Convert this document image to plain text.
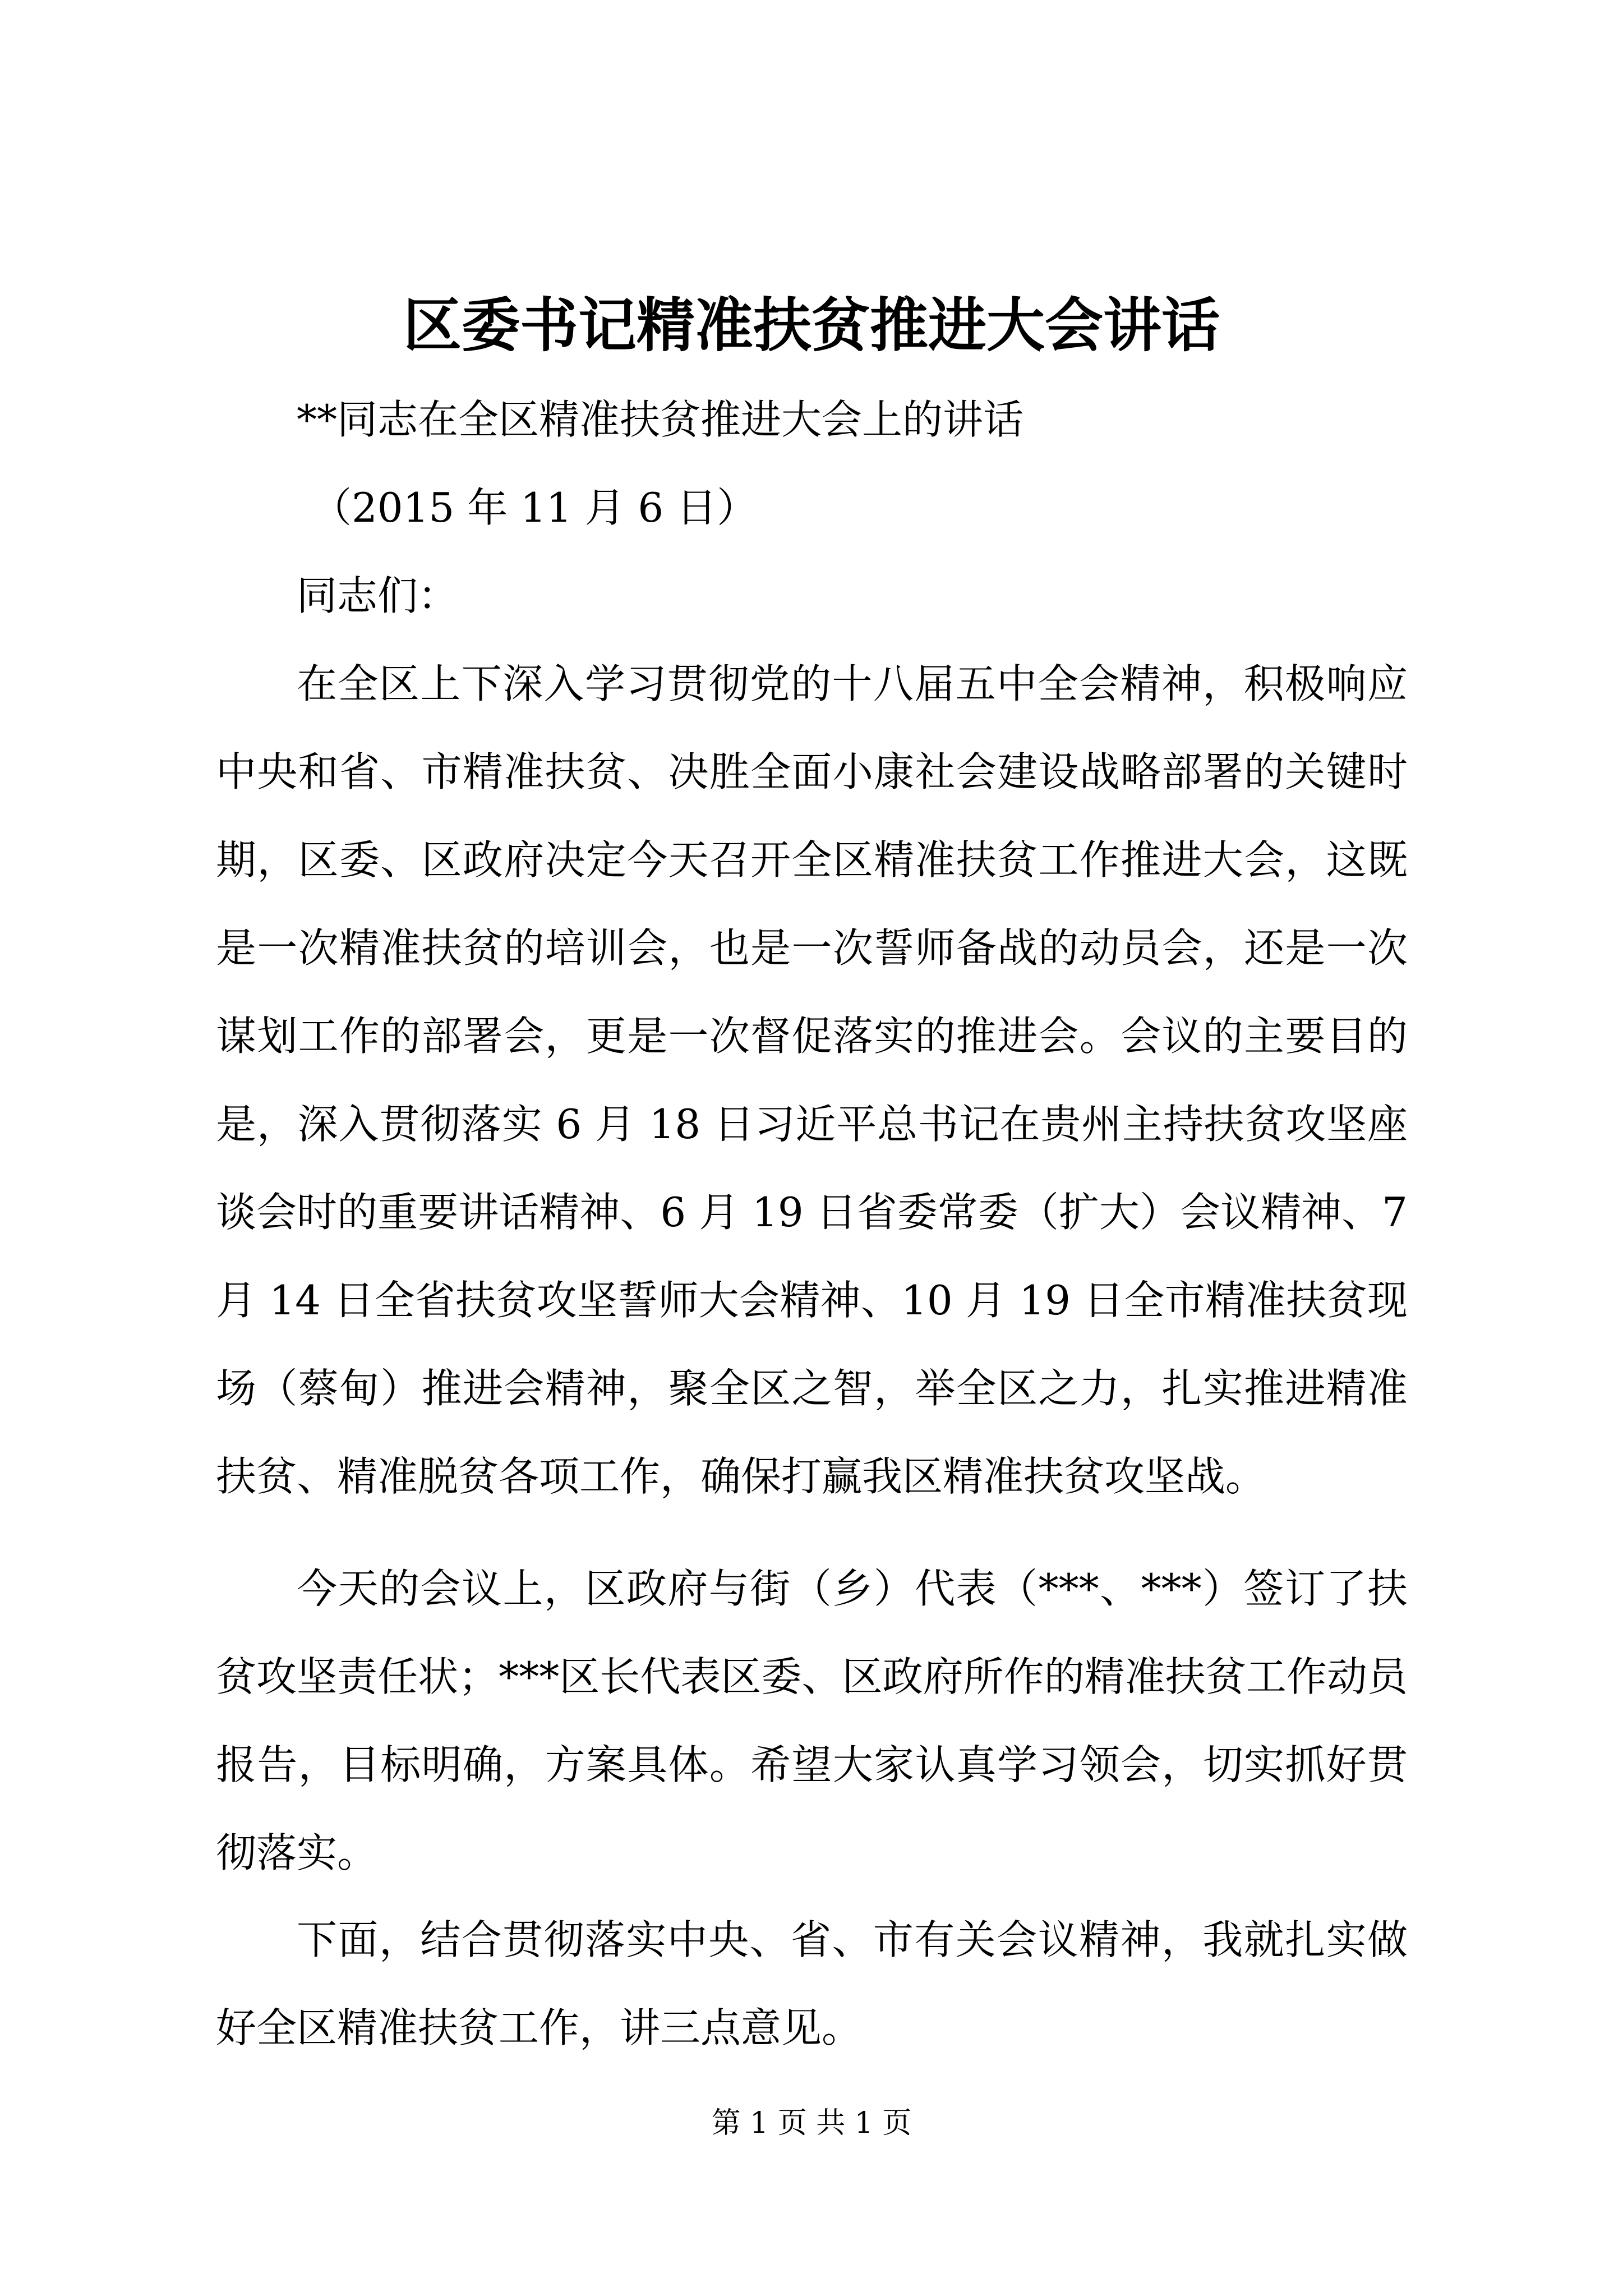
区委书记精准扶贫推进大会讲话

**同志在全区精准扶贫推进大会上的讲话

（2015 年 11 月 6 日）

同志们：

在全区上下深入学习贯彻党的十八届五中全会精神，积极响应中央和省、市精准扶贫、决胜全面小康社会建设战略部署的关键时期，区委、区政府决定今天召开全区精准扶贫工作推进大会，这既是一次精准扶贫的培训会，也是一次誓师备战的动员会，还是一次谋划工作的部署会，更是一次督促落实的推进会。会议的主要目的是，深入贯彻落实 6 月 18 日习近平总书记在贵州主持扶贫攻坚座谈会时的重要讲话精神、6 月 19 日省委常委（扩大）会议精神、7 月 14 日全省扶贫攻坚誓师大会精神、10 月 19 日全市精准扶贫现场（蔡甸）推进会精神，聚全区之智，举全区之力，扎实推进精准扶贫、精准脱贫各项工作，确保打赢我区精准扶贫攻坚战。

今天的会议上，区政府与街（乡）代表（***、***）签订了扶贫攻坚责任状；***区长代表区委、区政府所作的精准扶贫工作动员报告，目标明确，方案具体。希望大家认真学习领会，切实抓好贯彻落实。

下面，结合贯彻落实中央、省、市有关会议精神，我就扎实做好全区精准扶贫工作，讲三点意见。

第 1 页 共 1 页
